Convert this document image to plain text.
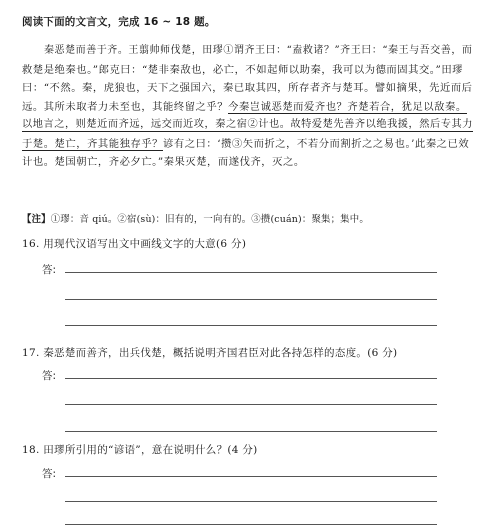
阅读下面的文言文，完成 16 ~ 18 题。
秦恶楚而善于齐。王翦帅师伐楚，田璆①谓齐王曰：“盍救诸？”齐王曰：“秦王与吾交善，而
救楚是绝秦也。”郎克曰：“楚非秦敌也，必亡，不如起师以助秦，我可以为德而固其交。”田璆
曰：“不然。秦，虎狼也，天下之强国六，秦已取其四，所存者齐与楚耳。譬如摘果，先近而后
远。其所未取者力未至也，其能终留之乎？今秦岂诚恶楚而爱齐也？齐楚若合，犹足以敌秦。
以地言之，则楚近而齐远，远交而近攻，秦之宿②计也。故特爱楚先善齐以绝我援，然后专其力
于楚。楚亡，齐其能独存乎？谚有之曰：‘攒③矢而折之，不若分而割折之之易也。’此秦之已效
计也。楚国朝亡，齐必夕亡。”秦果灭楚，而遂伐齐，灭之。
【注】①璆：音 qiú。②宿(sù)：旧有的，一向有的。③攒(cuán)：聚集；集中。
16. 用现代汉语写出文中画线文字的大意(6 分)
答:
17. 秦恶楚而善齐，出兵伐楚，概括说明齐国君臣对此各持怎样的态度。(6 分)
答:
18. 田璆所引用的“谚语”，意在说明什么？(4 分)
答:
